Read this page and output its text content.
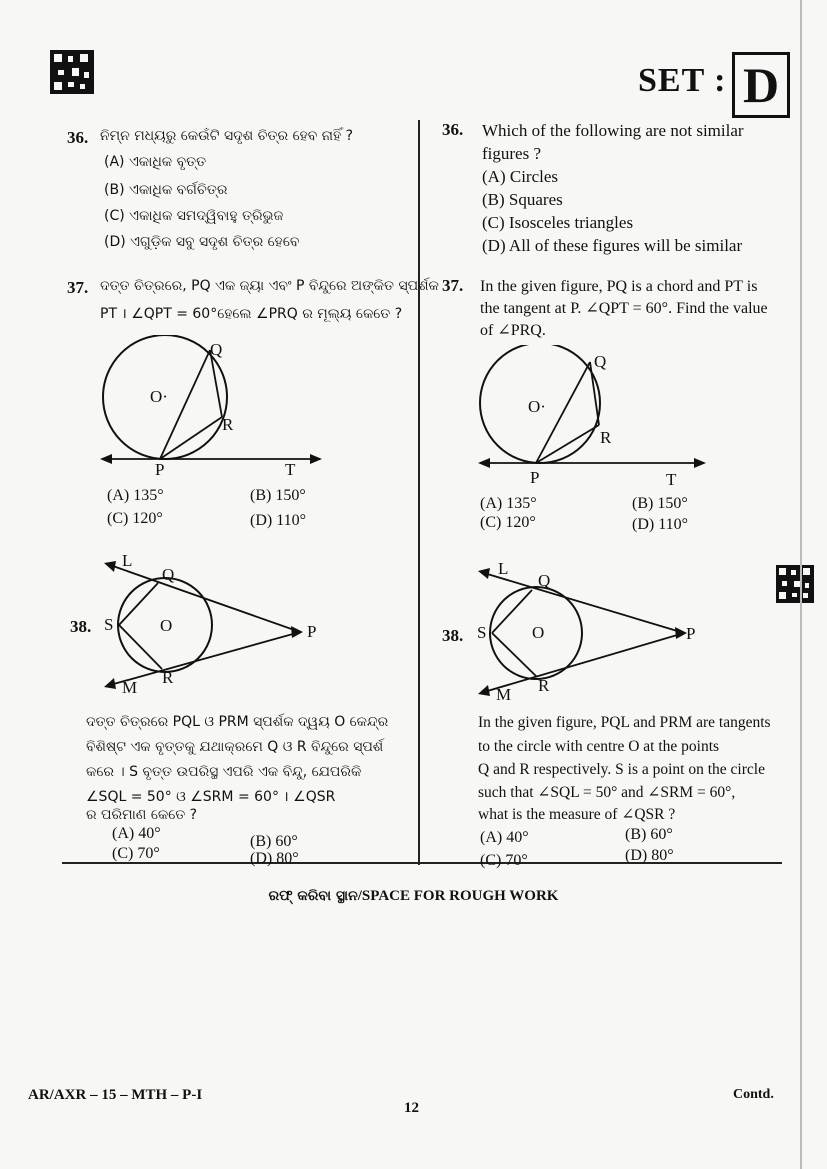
SET : D
36. ନିମ୍ନ ମଧ୍ୟରୁ କେଉଁଟି ସଦୃଶ ଚିତ୍ର ହେବ ନାହିଁ ?
(A) ଏକାଧିକ ବୃତ୍ତ
(B) ଏକାଧିକ ବର୍ଗଚିତ୍ର
(C) ଏକାଧିକ ସମଦ୍ୱିବାହୁ ତ୍ରିଭୁଜ
(D) ଏଗୁଡ଼ିକ ସବୁ ସଦୃଶ ଚିତ୍ର ହେବେ
37. ଦତ୍ତ ଚିତ୍ରରେ, PQ ଏକ ଜ୍ୟା ଏବଂ P ବିନ୍ଦୁରେ ଅଙ୍କିତ ସ୍ପର୍ଶକ
PT । ∠QPT = 60°ହେଲେ ∠PRQ ର ମୂଲ୍ୟ କେତେ ?
Q
O·
R
P	T
(A) 135°	(B) 150°
(C) 120°	(D) 110°
38.
L
Q
S	O	P
R
M
ଦତ୍ତ ଚିତ୍ରରେ PQL ଓ PRM ସ୍ପର୍ଶକ ଦ୍ୱୟ O କେନ୍ଦ୍ର
ବିଶିଷ୍ଟ ଏକ ବୃତ୍ତକୁ ଯଥାକ୍ରମେ Q ଓ R ବିନ୍ଦୁରେ ସ୍ପର୍ଶ
କରେ । S ବୃତ୍ତ ଉପରିସ୍ଥ ଏପରି ଏକ ବିନ୍ଦୁ, ଯେପରିକି
∠SQL = 50° ଓ ∠SRM = 60° । ∠QSR
ର ପରିମାଣ କେତେ ?
(A) 40°	(B) 60°
(C) 70°	(D) 80°
36. Which of the following are not similar
figures ?
(A) Circles
(B) Squares
(C) Isosceles triangles
(D) All of these figures will be similar
37. In the given figure, PQ is a chord and PT is
the tangent at P. ∠QPT = 60°. Find the value
of ∠PRQ.
Q
O·
R
P	T
(A) 135°	(B) 150°
(C) 120°	(D) 110°
38.
L
Q
S	O	P
R
M
In the given figure, PQL and PRM are tangents
to the circle with centre O at the points
Q and R respectively. S is a point on the circle
such that ∠SQL = 50° and ∠SRM = 60°,
what is the measure of ∠QSR ?
(A) 40°	(B) 60°
(C) 70°	(D) 80°
ରଫ୍ କରିବା ସ୍ଥାନ/SPACE FOR ROUGH WORK
AR/AXR – 15 – MTH – P-I
12
Contd.
